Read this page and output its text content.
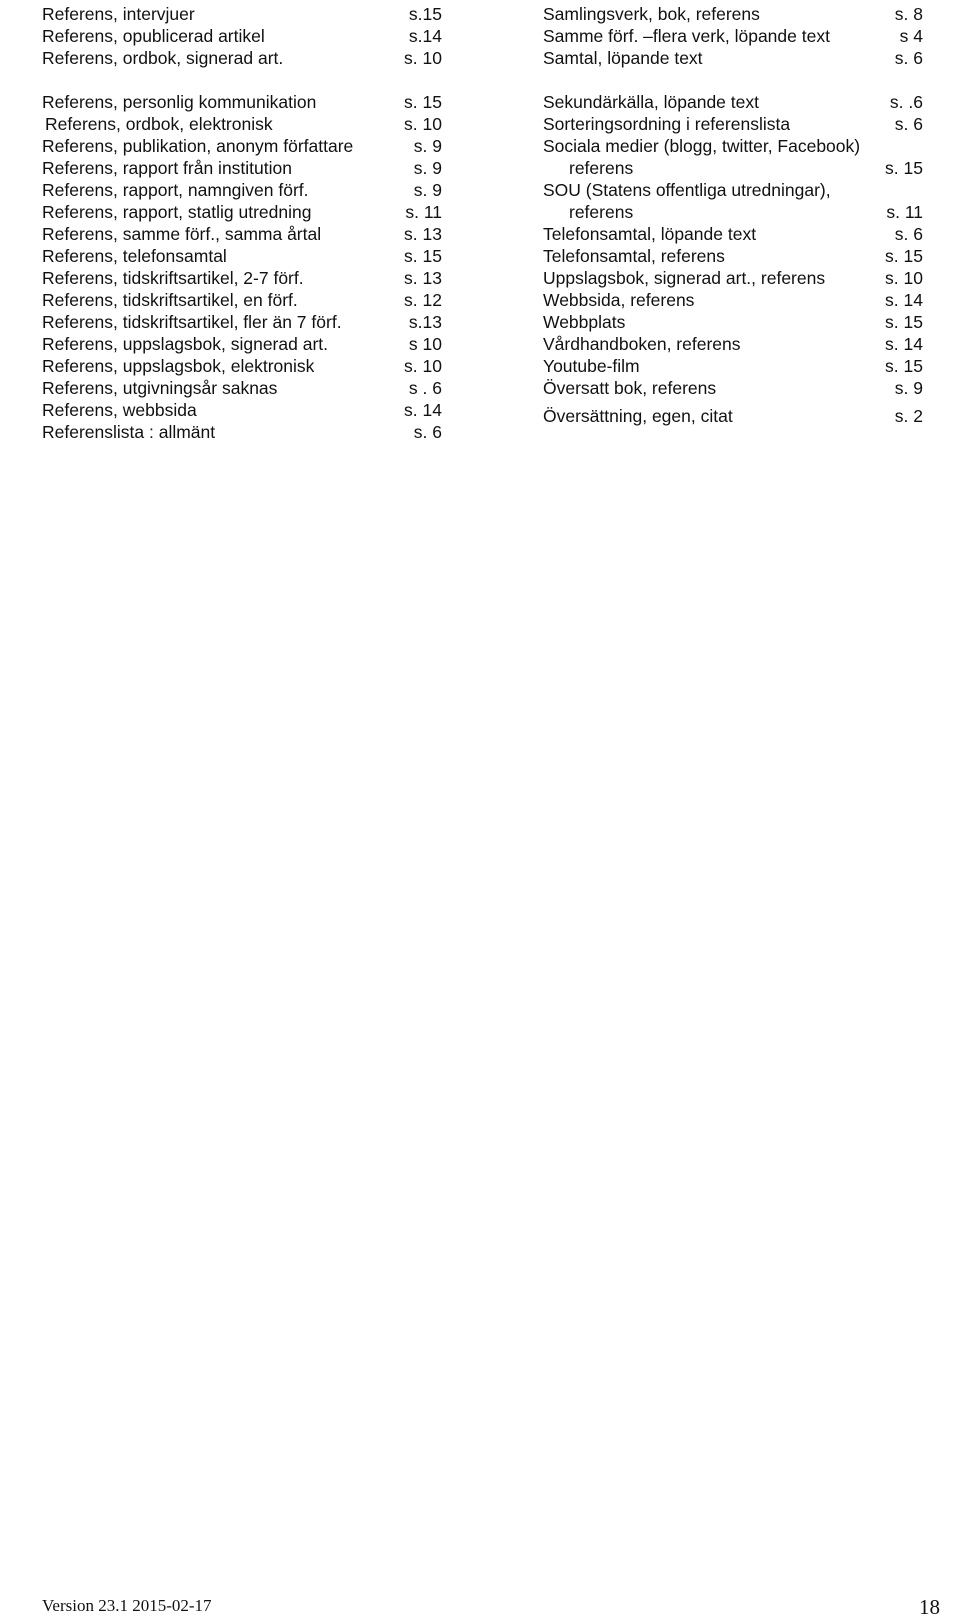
Referens, intervjuer	s.15
Referens, opublicerad artikel	s.14
Referens, ordbok, signerad art.	s. 10
Referens, personlig kommunikation	s. 15
Referens, ordbok, elektronisk	s. 10
Referens, publikation, anonym författare	s. 9
Referens, rapport från institution	s. 9
Referens, rapport, namngiven förf.	s. 9
Referens, rapport, statlig utredning	s. 11
Referens, samme förf., samma årtal	s. 13
Referens, telefonsamtal	s. 15
Referens, tidskriftsartikel, 2-7 förf.	s. 13
Referens, tidskriftsartikel, en förf.	s. 12
Referens, tidskriftsartikel, fler än 7 förf.	s.13
Referens, uppslagsbok, signerad art.	s 10
Referens, uppslagsbok, elektronisk	s. 10
Referens, utgivningsår saknas	s . 6
Referens, webbsida	s. 14
Referenslista : allmänt	s. 6
Samlingsverk, bok, referens	s. 8
Samme förf. –flera verk, löpande text	s 4
Samtal, löpande text	s. 6
Sekundärkälla, löpande text	s. .6
Sorteringsordning i referenslista	s. 6
Sociala medier (blogg, twitter, Facebook)
referens	s. 15
SOU (Statens offentliga utredningar),
referens	s. 11
Telefonsamtal, löpande text	s. 6
Telefonsamtal, referens	s. 15
Uppslagsbok, signerad art., referens	s. 10
Webbsida, referens	s. 14
Webbplats	s. 15
Vårdhandboken, referens	s. 14
Youtube-film	s. 15
Översatt bok, referens	s. 9
Översättning, egen, citat	s. 2
Version 23.1 2015-02-17	18
